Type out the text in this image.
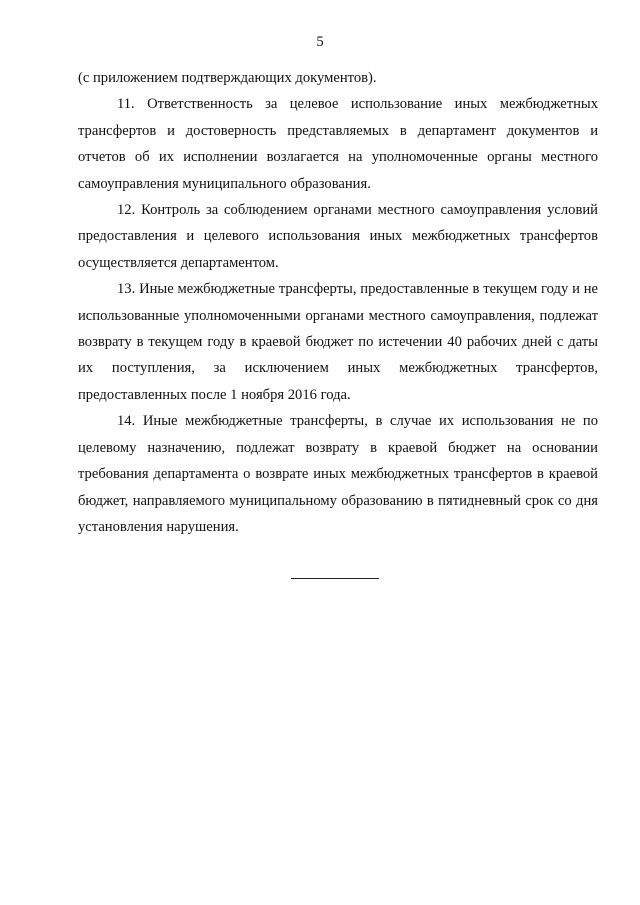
5

(с приложением подтверждающих документов).

11. Ответственность за целевое использование иных межбюджетных трансфертов и достоверность представляемых в департамент документов и отчетов об их исполнении возлагается на уполномоченные органы местного самоуправления муниципального образования.

12. Контроль за соблюдением органами местного самоуправления условий предоставления и целевого использования иных межбюджетных трансфертов осуществляется департаментом.

13. Иные межбюджетные трансферты, предоставленные в текущем году и не использованные уполномоченными органами местного самоуправления, подлежат возврату в текущем году в краевой бюджет по истечении 40 рабочих дней с даты их поступления, за исключением иных межбюджетных трансфертов, предоставленных после 1 ноября 2016 года.

14. Иные межбюджетные трансферты, в случае их использования не по целевому назначению, подлежат возврату в краевой бюджет на основании требования департамента о возврате иных межбюджетных трансфертов в краевой бюджет, направляемого муниципальному образованию в пятидневный срок со дня установления нарушения.
